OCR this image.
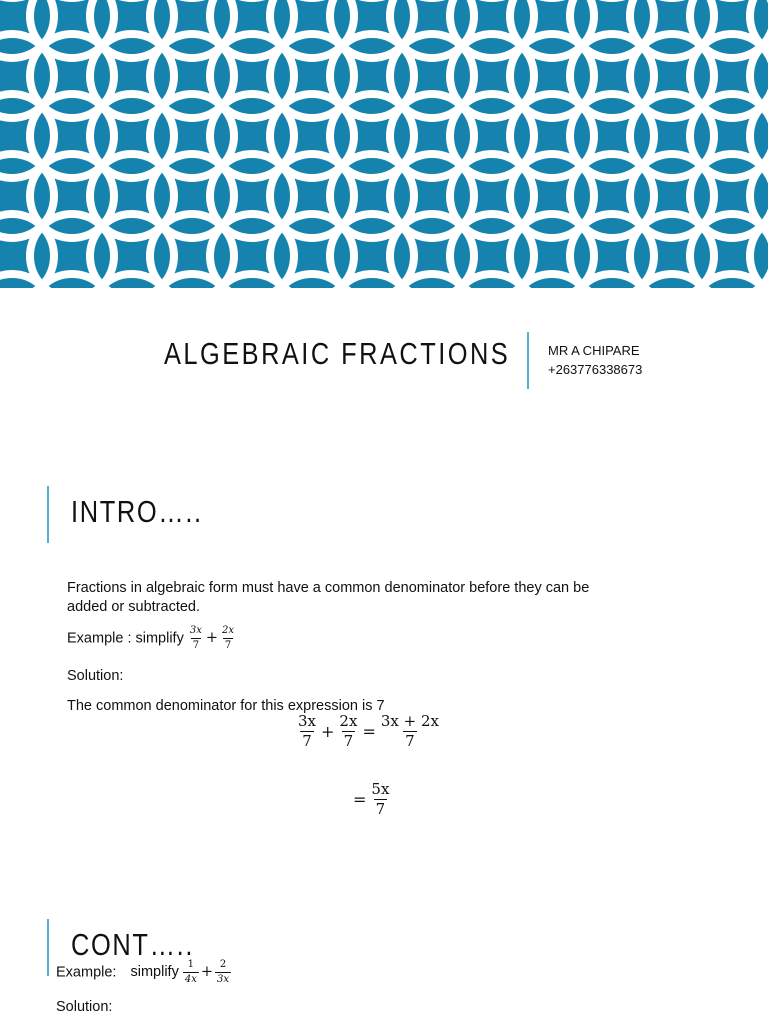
ALGEBRAIC FRACTIONS	MR A CHIPARE
+263776338673
INTRO…..
Fractions in algebraic form must have a common denominator before they can be
added or subtracted.
Example : simplify $\frac{3x}{7} + \frac{2x}{7}$
Solution:
The common denominator for this expression is 7
$\frac{3x}{7} + \frac{2x}{7} = \frac{3x + 2x}{7}$
= $\frac{5x}{7}$
CONT…..
Example: simplify $\frac{1}{4x} + \frac{2}{3x}$
Solution:
